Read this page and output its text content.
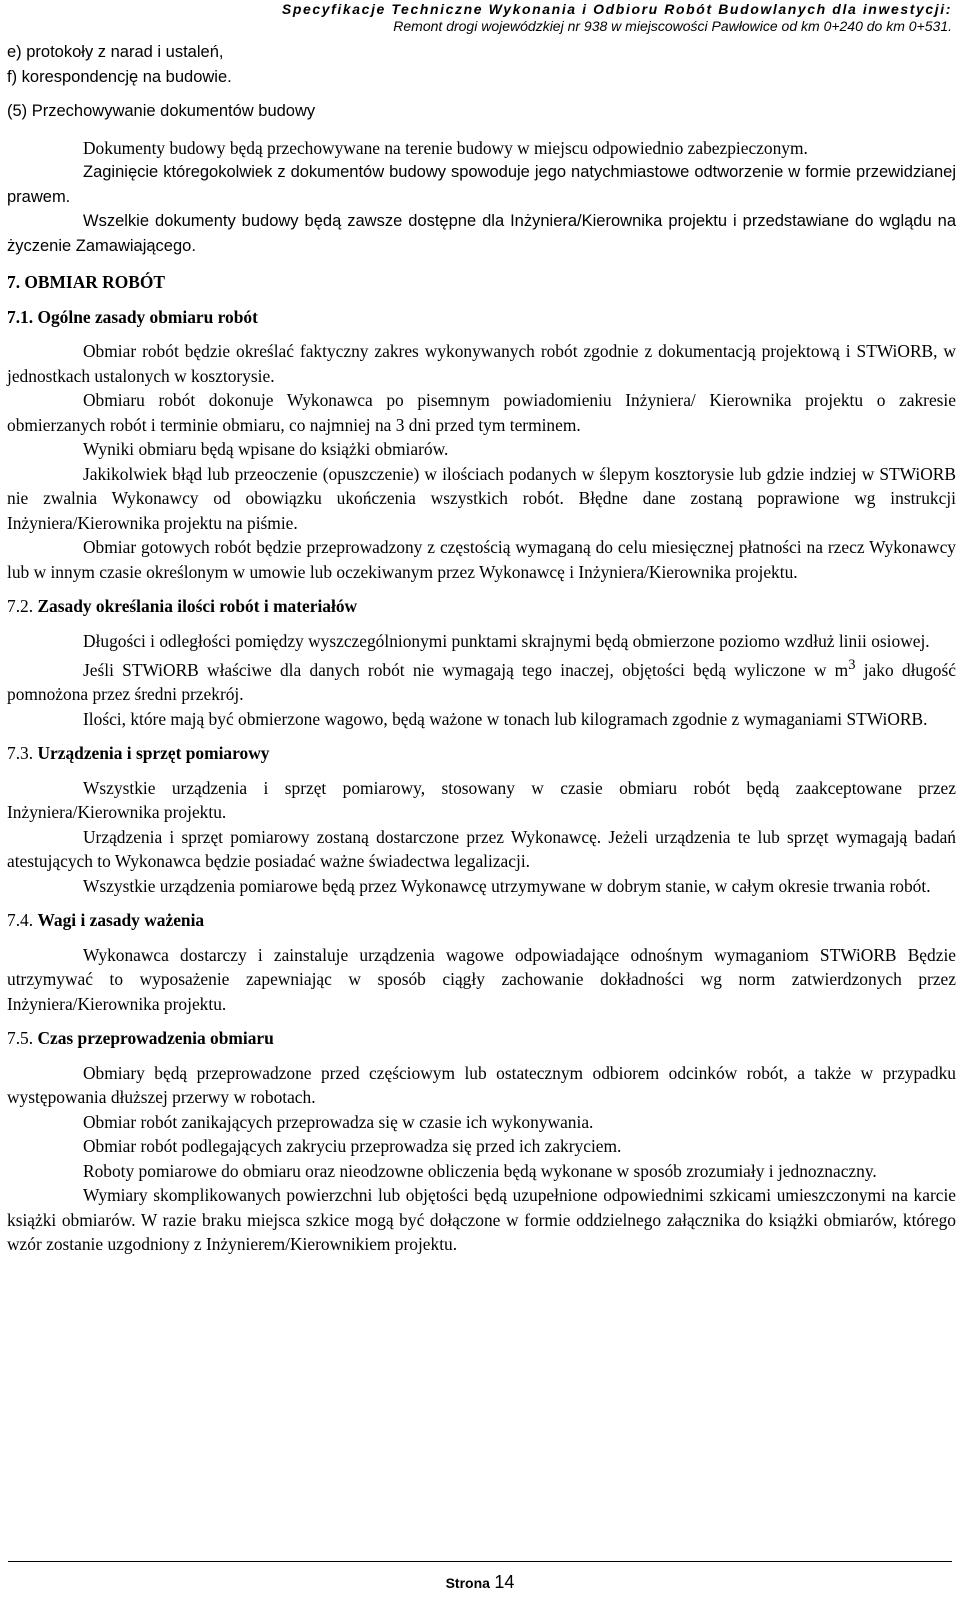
Specyfikacje Techniczne Wykonania i Odbioru Robót Budowlanych dla inwestycji:
Remont drogi wojewódzkiej nr 938 w miejscowości Pawłowice od km 0+240 do km 0+531.

e) protokoły z narad i ustaleń,

f) korespondencję na budowie.

(5) Przechowywanie dokumentów budowy

Dokumenty budowy będą przechowywane na terenie budowy w miejscu odpowiednio zabezpieczonym.

Zaginięcie któregokolwiek z dokumentów budowy spowoduje jego natychmiastowe odtworzenie w formie przewidzianej prawem.

Wszelkie dokumenty budowy będą zawsze dostępne dla Inżyniera/Kierownika projektu i przedstawiane do wglądu na życzenie Zamawiającego.

7. OBMIAR ROBÓT

7.1. Ogólne zasady obmiaru robót

Obmiar robót będzie określać faktyczny zakres wykonywanych robót zgodnie z dokumentacją projektową i STWiORB, w jednostkach ustalonych w kosztorysie.

Obmiaru robót dokonuje Wykonawca po pisemnym powiadomieniu Inżyniera/ Kierownika projektu o zakresie obmierzanych robót i terminie obmiaru, co najmniej na 3 dni przed tym terminem.

Wyniki obmiaru będą wpisane do książki obmiarów.

Jakikolwiek błąd lub przeoczenie (opuszczenie) w ilościach podanych w ślepym kosztorysie lub gdzie indziej w STWiORB nie zwalnia Wykonawcy od obowiązku ukończenia wszystkich robót. Błędne dane zostaną poprawione wg instrukcji Inżyniera/Kierownika projektu na piśmie.

Obmiar gotowych robót będzie przeprowadzony z częstością wymaganą do celu miesięcznej płatności na rzecz Wykonawcy lub w innym czasie określonym w umowie lub oczekiwanym przez Wykonawcę i Inżyniera/Kierownika projektu.

7.2. Zasady określania ilości robót i materiałów

Długości i odległości pomiędzy wyszczególnionymi punktami skrajnymi będą obmierzone poziomo wzdłuż linii osiowej.

Jeśli STWiORB właściwe dla danych robót nie wymagają tego inaczej, objętości będą wyliczone w $m^3$ jako długość pomnożona przez średni przekrój.

Ilości, które mają być obmierzone wagowo, będą ważone w tonach lub kilogramach zgodnie z wymaganiami STWiORB.

7.3. Urządzenia i sprzęt pomiarowy

Wszystkie urządzenia i sprzęt pomiarowy, stosowany w czasie obmiaru robót będą zaakceptowane przez Inżyniera/Kierownika projektu.

Urządzenia i sprzęt pomiarowy zostaną dostarczone przez Wykonawcę. Jeżeli urządzenia te lub sprzęt wymagają badań atestujących to Wykonawca będzie posiadać ważne świadectwa legalizacji.

Wszystkie urządzenia pomiarowe będą przez Wykonawcę utrzymywane w dobrym stanie, w całym okresie trwania robót.

7.4. Wagi i zasady ważenia

Wykonawca dostarczy i zainstaluje urządzenia wagowe odpowiadające odnośnym wymaganiom STWiORB Będzie utrzymywać to wyposażenie zapewniając w sposób ciągły zachowanie dokładności wg norm zatwierdzonych przez Inżyniera/Kierownika projektu.

7.5. Czas przeprowadzenia obmiaru

Obmiary będą przeprowadzone przed częściowym lub ostatecznym odbiorem odcinków robót, a także w przypadku występowania dłuższej przerwy w robotach.

Obmiar robót zanikających przeprowadza się w czasie ich wykonywania.

Obmiar robót podlegających zakryciu przeprowadza się przed ich zakryciem.

Roboty pomiarowe do obmiaru oraz nieodzowne obliczenia będą wykonane w sposób zrozumiały i jednoznaczny.

Wymiary skomplikowanych powierzchni lub objętości będą uzupełnione odpowiednimi szkicami umieszczonymi na karcie książki obmiarów. W razie braku miejsca szkice mogą być dołączone w formie oddzielnego załącznika do książki obmiarów, którego wzór zostanie uzgodniony z Inżynierem/Kierownikiem projektu.

Strona 14
